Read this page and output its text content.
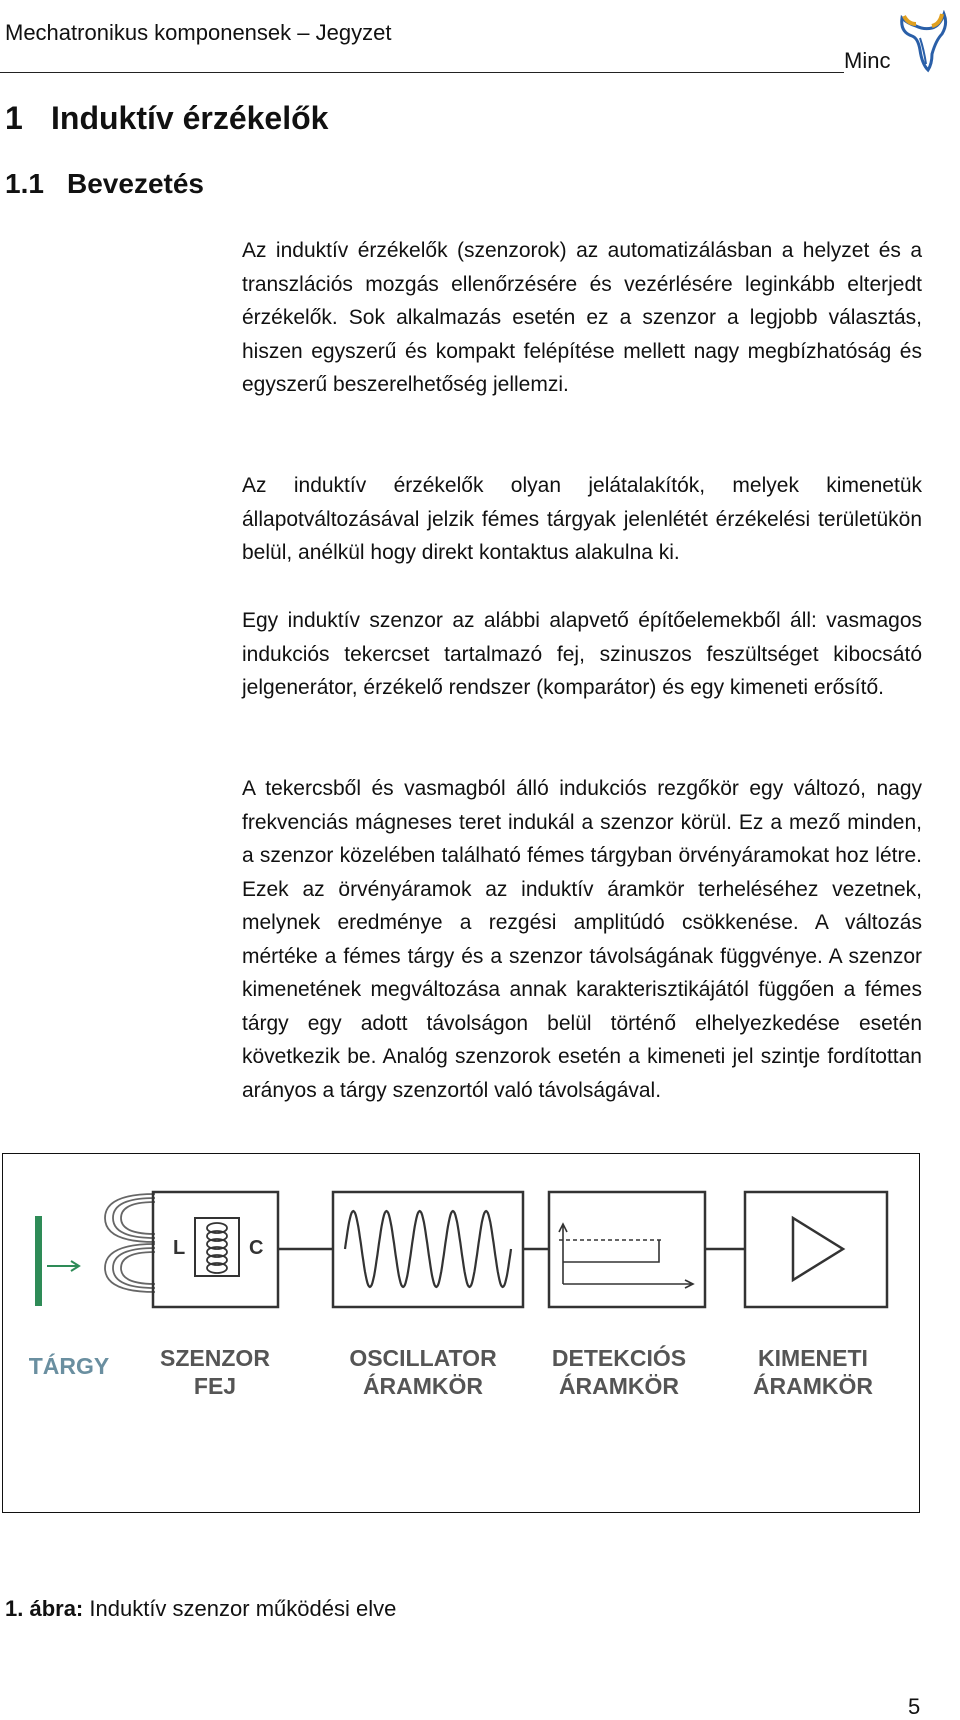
Mechatronikus komponensek – Jegyzet
Minc
1 Induktív érzékelők
1.1 Bevezetés
Az induktív érzékelők (szenzorok) az automatizálásban a helyzet és a transzlációs mozgás ellenőrzésére és vezérlésére leginkább elterjedt érzékelők. Sok alkalmazás esetén ez a szenzor a legjobb választás, hiszen egyszerű és kompakt felépítése mellett nagy megbízhatóság és egyszerű beszerelhetőség jellemzi.
Az induktív érzékelők olyan jelátalakítók, melyek kimenetük állapotváltozásával jelzik fémes tárgyak jelenlétét érzékelési területükön belül, anélkül hogy direkt kontaktus alakulna ki.
Egy induktív szenzor az alábbi alapvető építőelemekből áll: vasmagos indukciós tekercset tartalmazó fej, szinuszos feszültséget kibocsátó jelgenerátor, érzékelő rendszer (komparátor) és egy kimeneti erősítő.
A tekercsből és vasmagból álló indukciós rezgőkör egy változó, nagy frekvenciás mágneses teret indukál a szenzor körül. Ez a mező minden, a szenzor közelében található fémes tárgyban örvényáramokat hoz létre. Ezek az örvényáramok az induktív áramkör terheléséhez vezetnek, melynek eredménye a rezgési amplitúdó csökkenése. A változás mértéke a fémes tárgy és a szenzor távolságának függvénye. A szenzor kimenetének megváltozása annak karakterisztikájától függően a fémes tárgy egy adott távolságon belül történő elhelyezkedése esetén következik be. Analóg szenzorok esetén a kimeneti jel szintje fordítottan arányos a tárgy szenzortól való távolságával.
L	C
TÁRGY SZENZOR
FEJ
OSCILLATOR
ÁRAMKÖR
DETEKCIÓS
ÁRAMKÖR
KIMENETI
ÁRAMKÖR
1. ábra: Induktív szenzor működési elve
5
